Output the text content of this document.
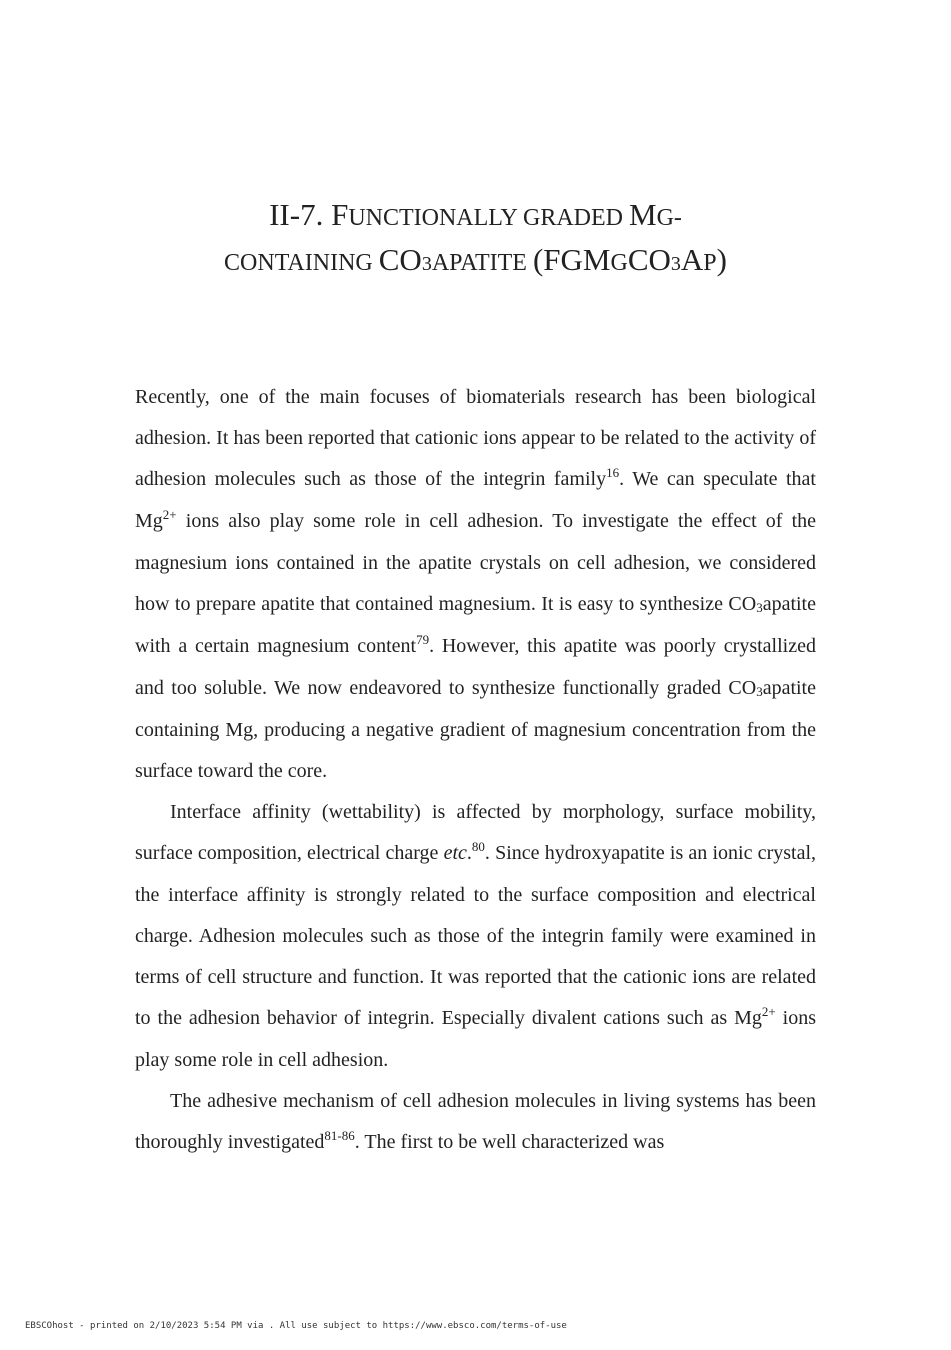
II-7. FUNCTIONALLY GRADED MG-
CONTAINING CO3APATITE (FGMGCO3AP)

Recently, one of the main focuses of biomaterials research has been biological adhesion. It has been reported that cationic ions appear to be related to the activity of adhesion molecules such as those of the integrin family$^{16}$. We can speculate that $Mg^{2+}$ ions also play some role in cell adhesion. To investigate the effect of the magnesium ions contained in the apatite crystals on cell adhesion, we considered how to prepare apatite that contained magnesium. It is easy to synthesize $CO_3apatite$ with a certain magnesium content$^{79}$. However, this apatite was poorly crystallized and too soluble. We now endeavored to synthesize functionally graded $CO_3apatite$ containing Mg, producing a negative gradient of magnesium concentration from the surface toward the core.

Interface affinity (wettability) is affected by morphology, surface mobility, surface composition, electrical charge etc.$^{80}$. Since hydroxyapatite is an ionic crystal, the interface affinity is strongly related to the surface composition and electrical charge. Adhesion molecules such as those of the integrin family were examined in terms of cell structure and function. It was reported that the cationic ions are related to the adhesion behavior of integrin. Especially divalent cations such as $Mg^{2+}$ ions play some role in cell adhesion.

The adhesive mechanism of cell adhesion molecules in living systems has been thoroughly investigated$^{81-86}$. The first to be well characterized was

EBSCOhost - printed on 2/10/2023 5:54 PM via . All use subject to https://www.ebsco.com/terms-of-use
